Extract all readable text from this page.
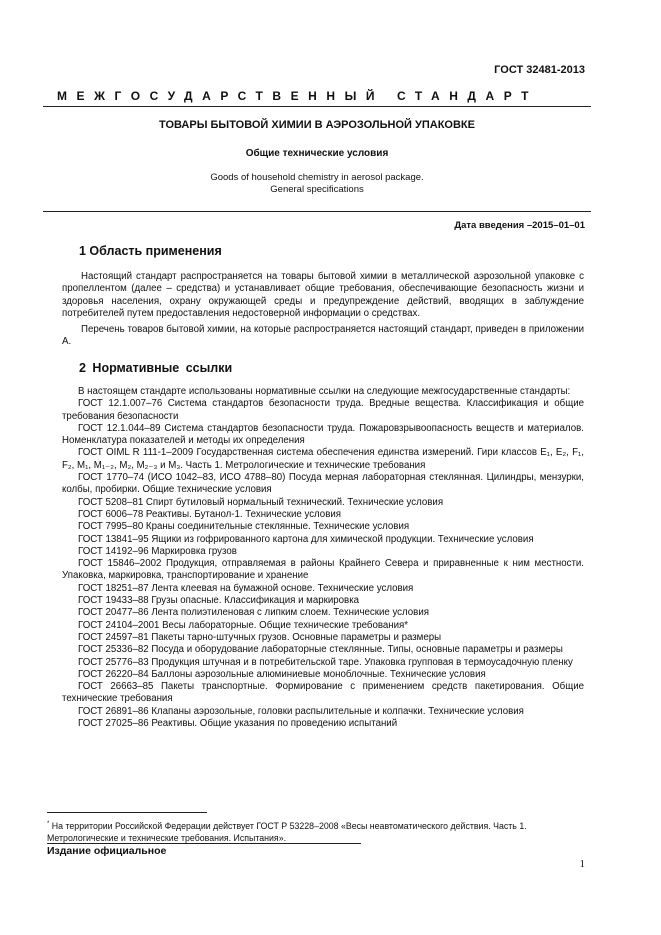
ГОСТ 32481-2013
МЕЖГОСУДАРСТВЕННЫЙ СТАНДАРТ
ТОВАРЫ БЫТОВОЙ ХИМИИ В АЭРОЗОЛЬНОЙ УПАКОВКЕ
Общие технические условия
Goods of household chemistry in aerosol package.
General specifications
Дата введения –2015–01–01
1 Область применения
Настоящий стандарт распространяется на товары бытовой химии в металлической аэрозольной упаковке с пропеллентом (далее – средства) и устанавливает общие требования, обеспечивающие безопасность жизни и здоровья населения, охрану окружающей среды и предупреждение действий, вводящих в заблуждение потребителей путем предоставления недостоверной информации о средствах.
Перечень товаров бытовой химии, на которые распространяется настоящий стандарт, приведен в приложении А.
2 Нормативные ссылки
В настоящем стандарте использованы нормативные ссылки на следующие межгосударственные стандарты:
ГОСТ 12.1.007–76 Система стандартов безопасности труда. Вредные вещества. Классификация и общие требования безопасности
ГОСТ 12.1.044–89 Система стандартов безопасности труда. Пожаровзрывоопасность веществ и материалов. Номенклатура показателей и методы их определения
ГОСТ OIML R 111-1–2009 Государственная система обеспечения единства измерений. Гири классов E₁, E₂, F₁, F₂, M₁, M₁₋₂, M₂, M₂₋₃ и M₃. Часть 1. Метрологические и технические требования
ГОСТ 1770–74 (ИСО 1042–83, ИСО 4788–80) Посуда мерная лабораторная стеклянная. Цилиндры, мензурки, колбы, пробирки. Общие технические условия
ГОСТ 5208–81 Спирт бутиловый нормальный технический. Технические условия
ГОСТ 6006–78 Реактивы. Бутанол-1. Технические условия
ГОСТ 7995–80 Краны соединительные стеклянные. Технические условия
ГОСТ 13841–95 Ящики из гофрированного картона для химической продукции. Технические условия
ГОСТ 14192–96 Маркировка грузов
ГОСТ 15846–2002 Продукция, отправляемая в районы Крайнего Севера и приравненные к ним местности. Упаковка, маркировка, транспортирование и хранение
ГОСТ 18251–87 Лента клеевая на бумажной основе. Технические условия
ГОСТ 19433–88 Грузы опасные. Классификация и маркировка
ГОСТ 20477–86 Лента полиэтиленовая с липким слоем. Технические условия
ГОСТ 24104–2001 Весы лабораторные. Общие технические требования*
ГОСТ 24597–81 Пакеты тарно-штучных грузов. Основные параметры и размеры
ГОСТ 25336–82 Посуда и оборудование лабораторные стеклянные. Типы, основные параметры и размеры
ГОСТ 25776–83 Продукция штучная и в потребительской таре. Упаковка групповая в термоусадочную пленку
ГОСТ 26220–84 Баллоны аэрозольные алюминиевые моноблочные. Технические условия
ГОСТ 26663–85 Пакеты транспортные. Формирование с применением средств пакетирования. Общие технические требования
ГОСТ 26891–86 Клапаны аэрозольные, головки распылительные и колпачки. Технические условия
ГОСТ 27025–86 Реактивы. Общие указания по проведению испытаний
* На территории Российской Федерации действует ГОСТ Р 53228–2008 «Весы неавтоматического действия. Часть 1. Метрологические и технические требования. Испытания».
Издание официальное
1
